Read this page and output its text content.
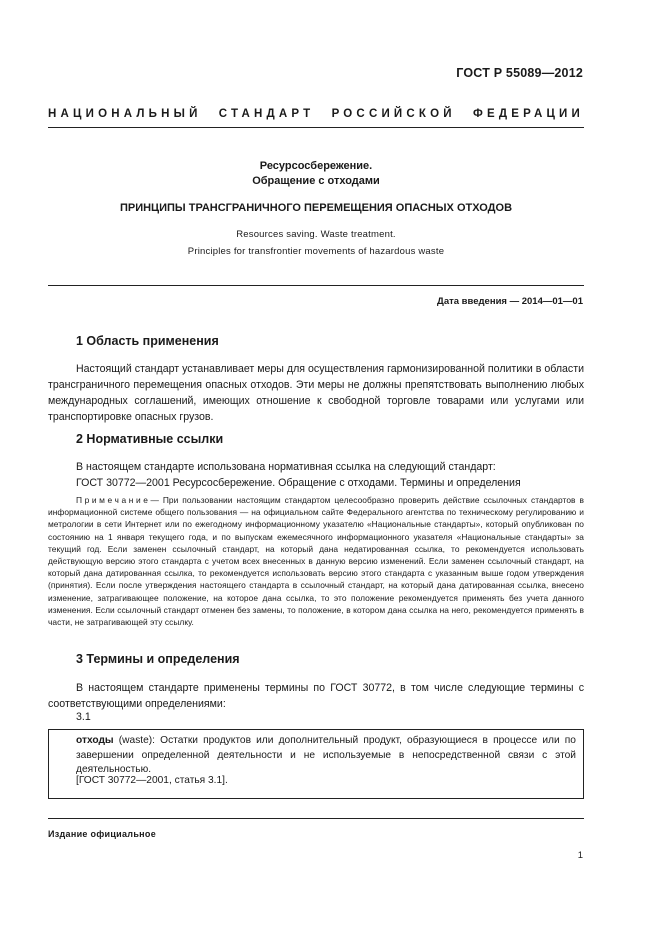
ГОСТ Р 55089—2012
НАЦИОНАЛЬНЫЙ СТАНДАРТ РОССИЙСКОЙ ФЕДЕРАЦИИ
Ресурсосбережение.
Обращение с отходами
ПРИНЦИПЫ ТРАНСГРАНИЧНОГО ПЕРЕМЕЩЕНИЯ ОПАСНЫХ ОТХОДОВ
Resources saving. Waste treatment.
Principles for transfrontier movements of hazardous waste
Дата введения — 2014—01—01
1 Область применения
Настоящий стандарт устанавливает меры для осуществления гармонизированной политики в области трансграничного перемещения опасных отходов. Эти меры не должны препятствовать выполнению любых международных соглашений, имеющих отношение к свободной торговле товарами или услугами или транспортировке опасных грузов.
2 Нормативные ссылки
В настоящем стандарте использована нормативная ссылка на следующий стандарт:
ГОСТ 30772—2001 Ресурсосбережение. Обращение с отходами. Термины и определения
Примечание— При пользовании настоящим стандартом целесообразно проверить действие ссылочных стандартов в информационной системе общего пользования — на официальном сайте Федерального агентства по техническому регулированию и метрологии в сети Интернет или по ежегодному информационному указателю «Национальные стандарты», который опубликован по состоянию на 1 января текущего года, и по выпускам ежемесячного информационного указателя «Национальные стандарты» за текущий год. Если заменен ссылочный стандарт, на который дана недатированная ссылка, то рекомендуется использовать действующую версию этого стандарта с учетом всех внесенных в данную версию изменений. Если заменен ссылочный стандарт, на который дана датированная ссылка, то рекомендуется использовать версию этого стандарта с указанным выше годом утверждения (принятия). Если после утверждения настоящего стандарта в ссылочный стандарт, на который дана датированная ссылка, внесено изменение, затрагивающее положение, на которое дана ссылка, то это положение рекомендуется применять без учета данного изменения. Если ссылочный стандарт отменен без замены, то положение, в котором дана ссылка на него, рекомендуется применять в части, не затрагивающей эту ссылку.
3 Термины и определения
В настоящем стандарте применены термины по ГОСТ 30772, в том числе следующие термины с соответствующими определениями:
3.1
отходы (waste): Остатки продуктов или дополнительный продукт, образующиеся в процессе или по завершении определенной деятельности и не используемые в непосредственной связи с этой деятельностью.
[ГОСТ 30772—2001, статья 3.1].
Издание официальное
1
